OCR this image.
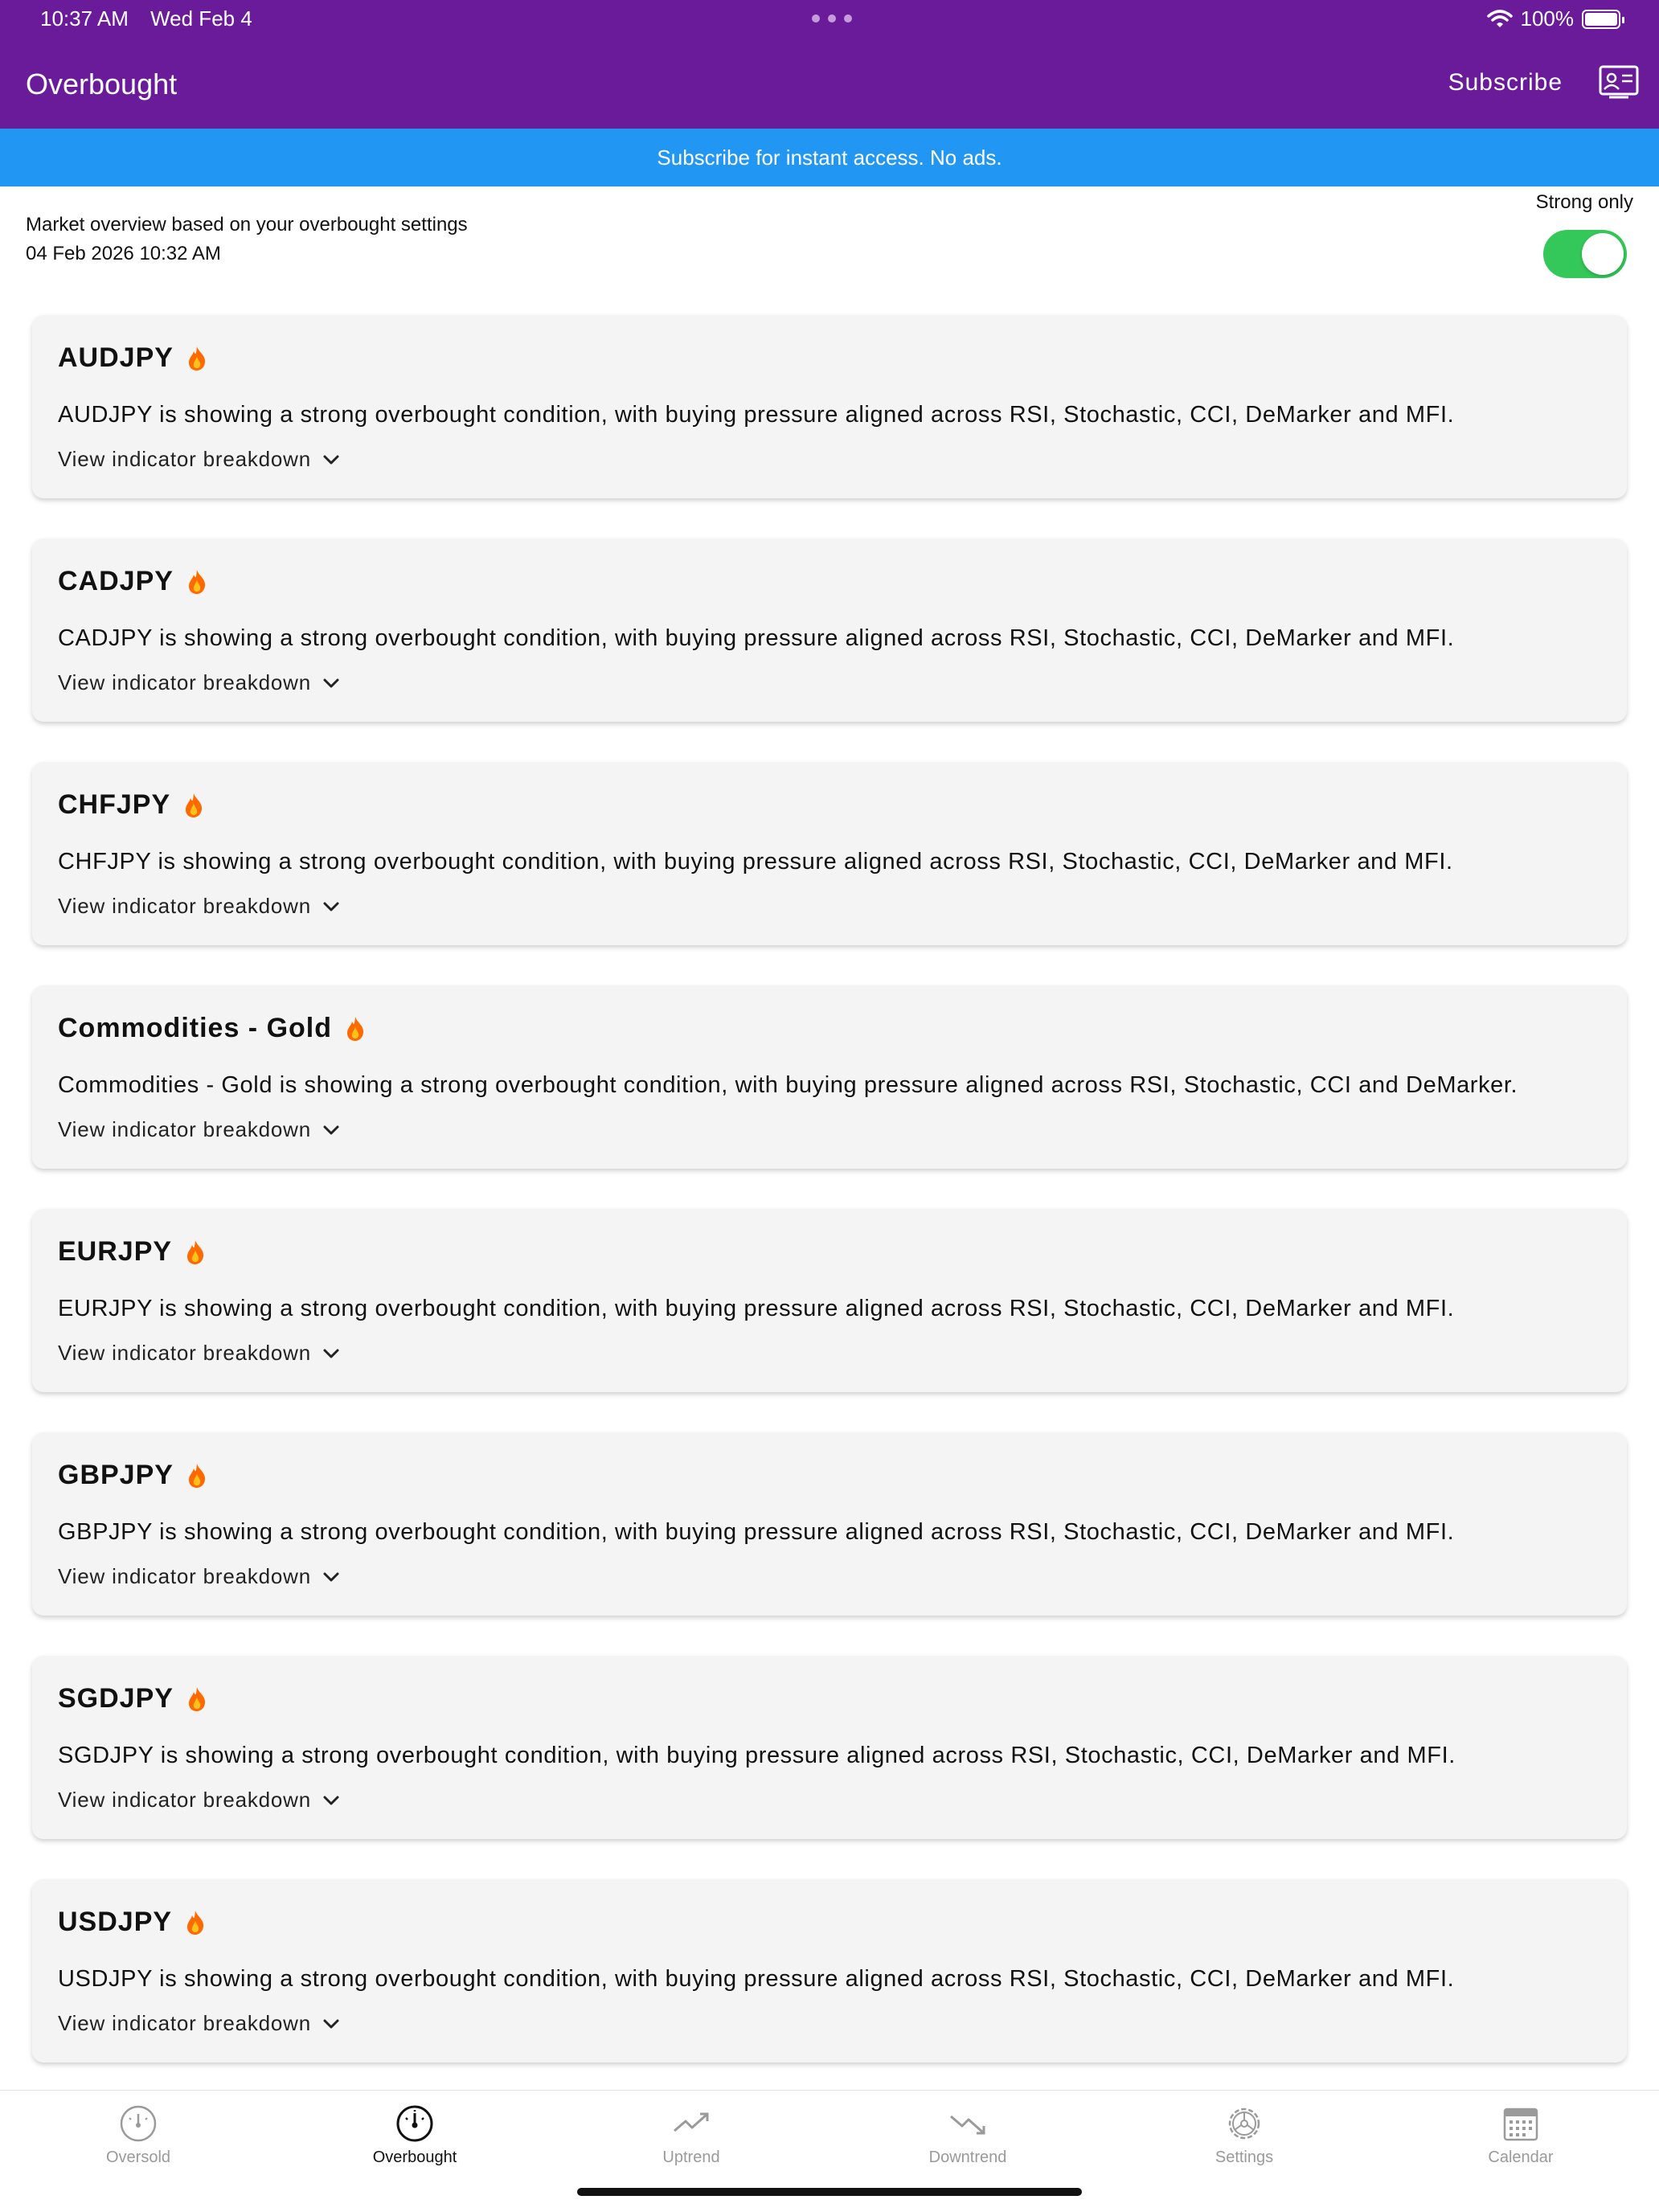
10:37 AM Wed Feb 4	100%
Overbought	Subscribe
Subscribe for instant access. No ads.
Market overview based on your overbought settings
04 Feb 2026 10:32 AM
Strong only
AUDJPY
AUDJPY is showing a strong overbought condition, with buying pressure aligned across RSI, Stochastic, CCI, DeMarker and MFI.
View indicator breakdown
CADJPY
CADJPY is showing a strong overbought condition, with buying pressure aligned across RSI, Stochastic, CCI, DeMarker and MFI.
View indicator breakdown
CHFJPY
CHFJPY is showing a strong overbought condition, with buying pressure aligned across RSI, Stochastic, CCI, DeMarker and MFI.
View indicator breakdown
Commodities - Gold
Commodities - Gold is showing a strong overbought condition, with buying pressure aligned across RSI, Stochastic, CCI and DeMarker.
View indicator breakdown
EURJPY
EURJPY is showing a strong overbought condition, with buying pressure aligned across RSI, Stochastic, CCI, DeMarker and MFI.
View indicator breakdown
GBPJPY
GBPJPY is showing a strong overbought condition, with buying pressure aligned across RSI, Stochastic, CCI, DeMarker and MFI.
View indicator breakdown
SGDJPY
SGDJPY is showing a strong overbought condition, with buying pressure aligned across RSI, Stochastic, CCI, DeMarker and MFI.
View indicator breakdown
USDJPY
USDJPY is showing a strong overbought condition, with buying pressure aligned across RSI, Stochastic, CCI, DeMarker and MFI.
View indicator breakdown
Oversold	Overbought	Uptrend	Downtrend	Settings	Calendar
